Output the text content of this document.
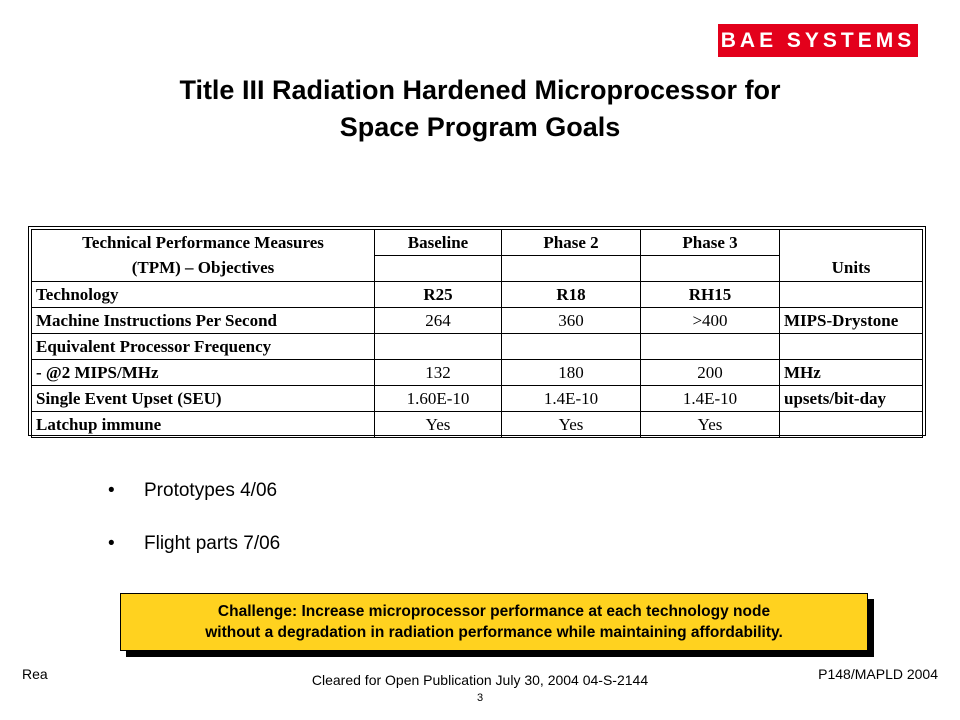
BAE SYSTEMS
Title III Radiation Hardened Microprocessor for
Space Program Goals
Technical Performance Measures	Baseline	Phase 2	Phase 3	
(TPM) – Objectives				Units
Technology	R25	R18	RH15	
Machine Instructions Per Second	264	360	>400	MIPS-Drystone
Equivalent Processor Frequency				
- @2 MIPS/MHz	132	180	200	MHz
Single Event Upset (SEU)	1.60E-10	1.4E-10	1.4E-10	upsets/bit-day
Latchup immune	Yes	Yes	Yes	
•	Prototypes 4/06
•	Flight parts 7/06
Challenge: Increase microprocessor performance at each technology node
without a degradation in radiation performance while maintaining affordability.
Rea	Cleared for Open Publication July 30, 2004 04-S-2144	P148/MAPLD 2004
3
